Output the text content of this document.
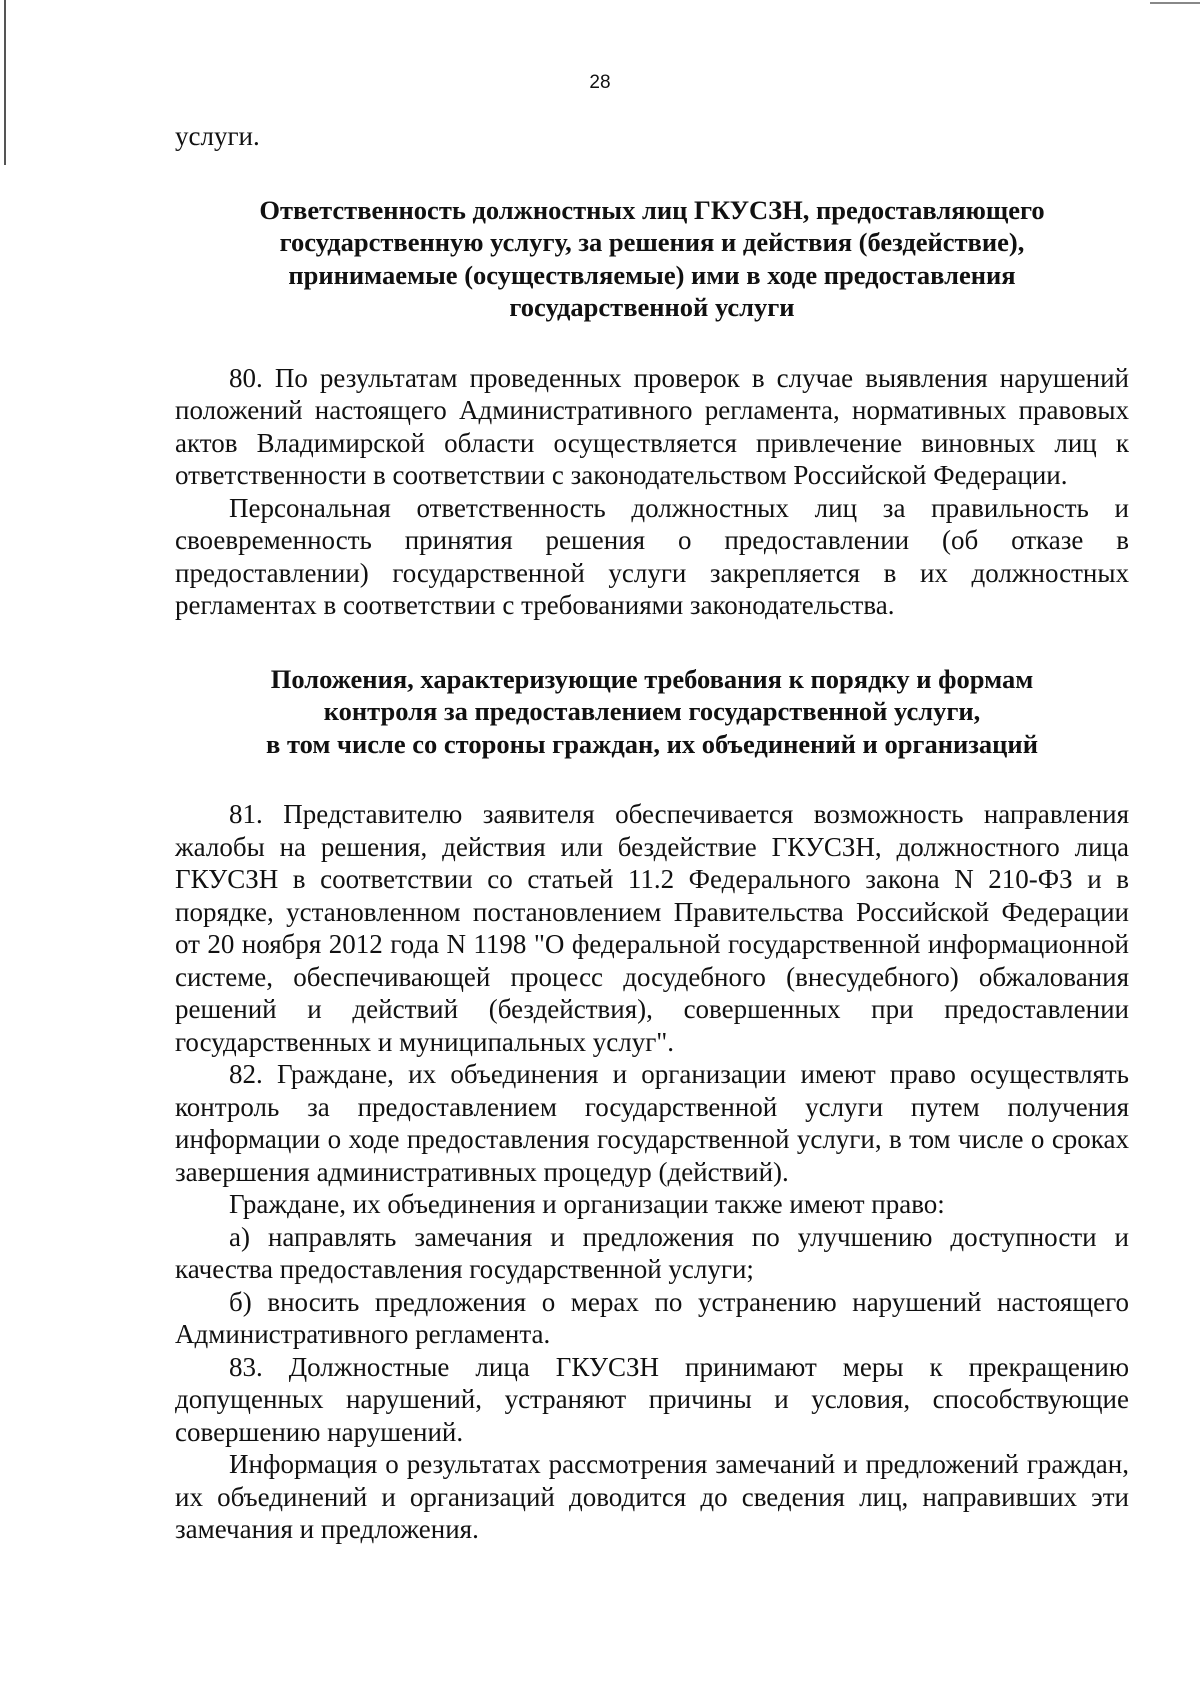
28

услуги.

Ответственность должностных лиц ГКУСЗН, предоставляющего
государственную услугу, за решения и действия (бездействие),
принимаемые (осуществляемые) ими в ходе предоставления
государственной услуги

80. По результатам проведенных проверок в случае выявления нарушений положений настоящего Административного регламента, нормативных правовых актов Владимирской области осуществляется привлечение виновных лиц к ответственности в соответствии с законодательством Российской Федерации.

Персональная ответственность должностных лиц за правильность и своевременность принятия решения о предоставлении (об отказе в предоставлении) государственной услуги закрепляется в их должностных регламентах в соответствии с требованиями законодательства.

Положения, характеризующие требования к порядку и формам
контроля за предоставлением государственной услуги,
в том числе со стороны граждан, их объединений и организаций

81. Представителю заявителя обеспечивается возможность направления жалобы на решения, действия или бездействие ГКУСЗН, должностного лица ГКУСЗН в соответствии со статьей 11.2 Федерального закона N 210-ФЗ и в порядке, установленном постановлением Правительства Российской Федерации от 20 ноября 2012 года N 1198 "О федеральной государственной информационной системе, обеспечивающей процесс досудебного (внесудебного) обжалования решений и действий (бездействия), совершенных при предоставлении государственных и муниципальных услуг".

82. Граждане, их объединения и организации имеют право осуществлять контроль за предоставлением государственной услуги путем получения информации о ходе предоставления государственной услуги, в том числе о сроках завершения административных процедур (действий).

Граждане, их объединения и организации также имеют право:

а) направлять замечания и предложения по улучшению доступности и качества предоставления государственной услуги;

б) вносить предложения о мерах по устранению нарушений настоящего Административного регламента.

83. Должностные лица ГКУСЗН принимают меры к прекращению допущенных нарушений, устраняют причины и условия, способствующие совершению нарушений.

Информация о результатах рассмотрения замечаний и предложений граждан, их объединений и организаций доводится до сведения лиц, направивших эти замечания и предложения.
